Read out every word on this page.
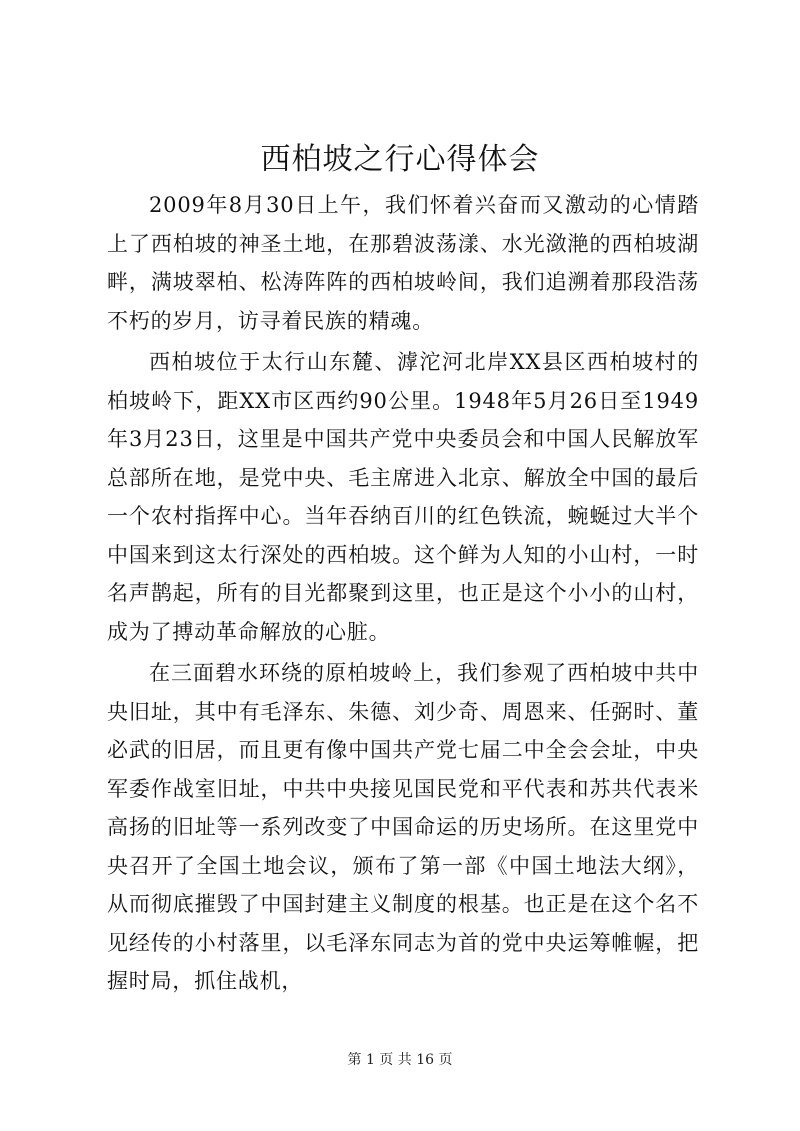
西柏坡之行心得体会

2009年8月30日上午，我们怀着兴奋而又激动的心情踏上了西柏坡的神圣土地，在那碧波荡漾、水光潋滟的西柏坡湖畔，满坡翠柏、松涛阵阵的西柏坡岭间，我们追溯着那段浩荡不朽的岁月，访寻着民族的精魂。

西柏坡位于太行山东麓、滹沱河北岸XX县区西柏坡村的柏坡岭下，距XX市区西约90公里。1948年5月26日至1949年3月23日，这里是中国共产党中央委员会和中国人民解放军总部所在地，是党中央、毛主席进入北京、解放全中国的最后一个农村指挥中心。当年吞纳百川的红色铁流，蜿蜒过大半个中国来到这太行深处的西柏坡。这个鲜为人知的小山村，一时名声鹊起，所有的目光都聚到这里，也正是这个小小的山村，成为了搏动革命解放的心脏。

在三面碧水环绕的原柏坡岭上，我们参观了西柏坡中共中央旧址，其中有毛泽东、朱德、刘少奇、周恩来、任弼时、董必武的旧居，而且更有像中国共产党七届二中全会会址，中央军委作战室旧址，中共中央接见国民党和平代表和苏共代表米高扬的旧址等一系列改变了中国命运的历史场所。在这里党中央召开了全国土地会议，颁布了第一部《中国土地法大纲》，从而彻底摧毁了中国封建主义制度的根基。也正是在这个名不见经传的小村落里，以毛泽东同志为首的党中央运筹帷幄，把握时局，抓住战机，

第 1 页 共 16 页
